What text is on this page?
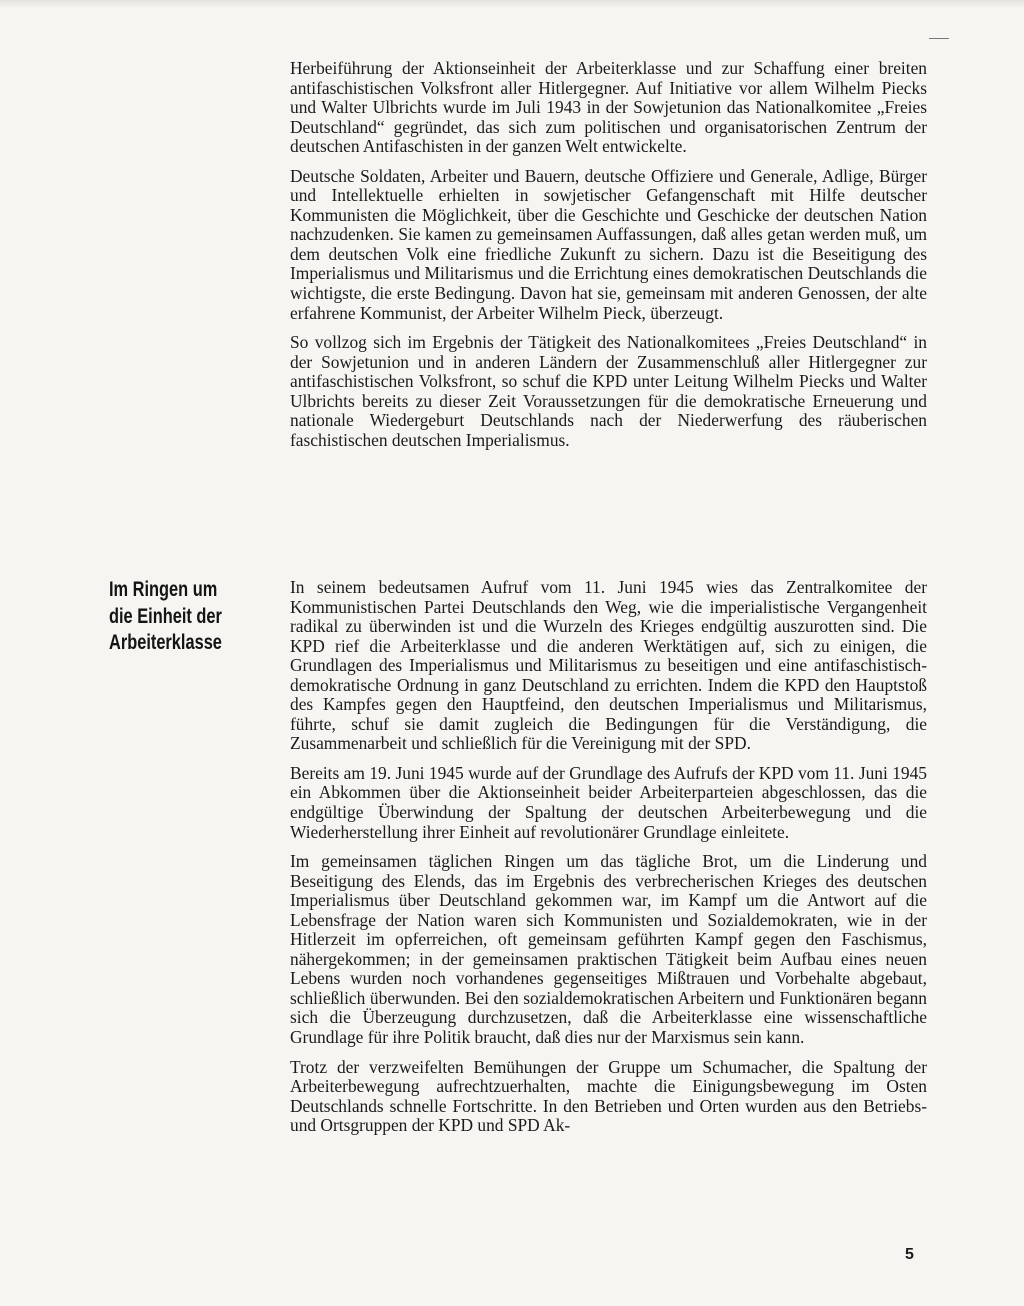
Herbeiführung der Aktionseinheit der Arbeiterklasse und zur Schaffung einer breiten antifaschistischen Volksfront aller Hitlergegner. Auf Initiative vor allem Wilhelm Piecks und Walter Ulbrichts wurde im Juli 1943 in der Sowjetunion das Nationalkomitee „Freies Deutschland“ gegründet, das sich zum politischen und organisatorischen Zentrum der deutschen Antifaschisten in der ganzen Welt entwickelte.

Deutsche Soldaten, Arbeiter und Bauern, deutsche Offiziere und Generale, Adlige, Bürger und Intellektuelle erhielten in sowjetischer Gefangenschaft mit Hilfe deutscher Kommunisten die Möglichkeit, über die Geschichte und Geschicke der deutschen Nation nachzudenken. Sie kamen zu gemeinsamen Auffassungen, daß alles getan werden muß, um dem deutschen Volk eine friedliche Zukunft zu sichern. Dazu ist die Beseitigung des Imperialismus und Militarismus und die Errichtung eines demokratischen Deutschlands die wichtigste, die erste Bedingung. Davon hat sie, gemeinsam mit anderen Genossen, der alte erfahrene Kommunist, der Arbeiter Wilhelm Pieck, überzeugt.

So vollzog sich im Ergebnis der Tätigkeit des Nationalkomitees „Freies Deutschland“ in der Sowjetunion und in anderen Ländern der Zusammenschluß aller Hitlergegner zur antifaschistischen Volksfront, so schuf die KPD unter Leitung Wilhelm Piecks und Walter Ulbrichts bereits zu dieser Zeit Voraussetzungen für die demokratische Erneuerung und nationale Wiedergeburt Deutschlands nach der Niederwerfung des räuberischen faschistischen deutschen Imperialismus.

Im Ringen um
die Einheit der
Arbeiterklasse

In seinem bedeutsamen Aufruf vom 11. Juni 1945 wies das Zentralkomitee der Kommunistischen Partei Deutschlands den Weg, wie die imperialistische Vergangenheit radikal zu überwinden ist und die Wurzeln des Krieges endgültig auszurotten sind. Die KPD rief die Arbeiterklasse und die anderen Werktätigen auf, sich zu einigen, die Grundlagen des Imperialismus und Militarismus zu beseitigen und eine antifaschistisch-demokratische Ordnung in ganz Deutschland zu errichten. Indem die KPD den Hauptstoß des Kampfes gegen den Hauptfeind, den deutschen Imperialismus und Militarismus, führte, schuf sie damit zugleich die Bedingungen für die Verständigung, die Zusammenarbeit und schließlich für die Vereinigung mit der SPD.

Bereits am 19. Juni 1945 wurde auf der Grundlage des Aufrufs der KPD vom 11. Juni 1945 ein Abkommen über die Aktionseinheit beider Arbeiterparteien abgeschlossen, das die endgültige Überwindung der Spaltung der deutschen Arbeiterbewegung und die Wiederherstellung ihrer Einheit auf revolutionärer Grundlage einleitete.

Im gemeinsamen täglichen Ringen um das tägliche Brot, um die Linderung und Beseitigung des Elends, das im Ergebnis des verbrecherischen Krieges des deutschen Imperialismus über Deutschland gekommen war, im Kampf um die Antwort auf die Lebensfrage der Nation waren sich Kommunisten und Sozialdemokraten, wie in der Hitlerzeit im opferreichen, oft gemeinsam geführten Kampf gegen den Faschismus, nähergekommen; in der gemeinsamen praktischen Tätigkeit beim Aufbau eines neuen Lebens wurden noch vorhandenes gegenseitiges Mißtrauen und Vorbehalte abgebaut, schließlich überwunden. Bei den sozialdemokratischen Arbeitern und Funktionären begann sich die Überzeugung durchzusetzen, daß die Arbeiterklasse eine wissenschaftliche Grundlage für ihre Politik braucht, daß dies nur der Marxismus sein kann.

Trotz der verzweifelten Bemühungen der Gruppe um Schumacher, die Spaltung der Arbeiterbewegung aufrechtzuerhalten, machte die Einigungsbewegung im Osten Deutschlands schnelle Fortschritte. In den Betrieben und Orten wurden aus den Betriebs- und Ortsgruppen der KPD und SPD Ak-

5
